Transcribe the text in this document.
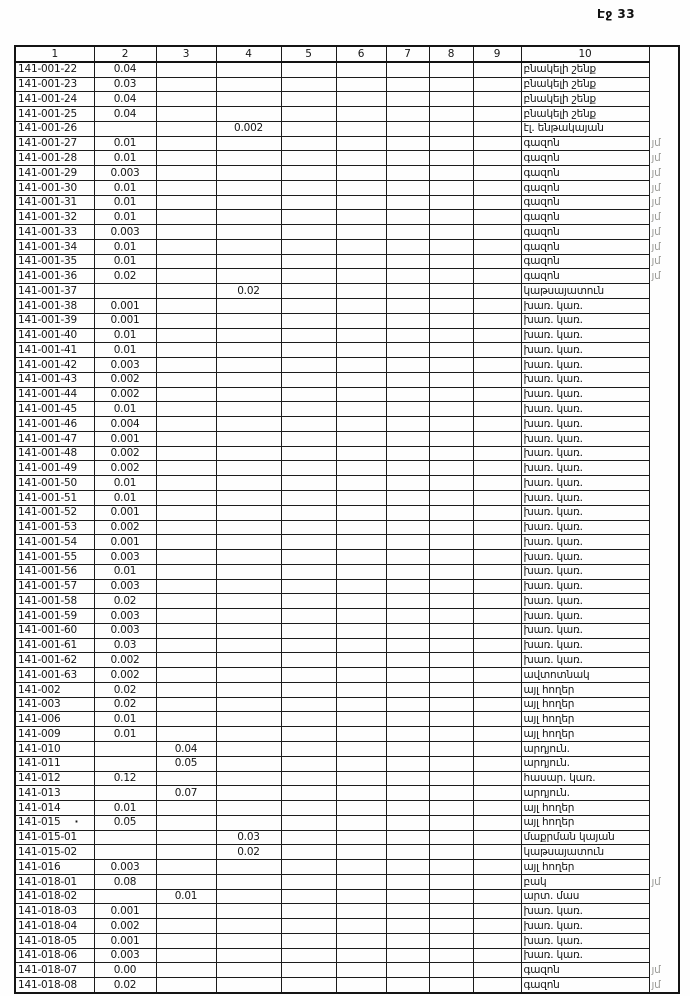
Էջ 33
1	2	3	4	5	6	7	8	9	10	
141-001-22	0.04								բնակելի շենք	
141-001-23	0.03								բնակելի շենք	
141-001-24	0.04								բնակելի շենք	
141-001-25	0.04								բնակելի շենք	
141-001-26			0.002						էլ. ենթակայան	
141-001-27	0.01								գազոն	յմ
141-001-28	0.01								գազոն	յմ
141-001-29	0.003								գազոն	յմ
141-001-30	0.01								գազոն	յմ
141-001-31	0.01								գազոն	յմ
141-001-32	0.01								գազոն	յմ
141-001-33	0.003								գազոն	յմ
141-001-34	0.01								գազոն	յմ
141-001-35	0.01								գազոն	յմ
141-001-36	0.02								գազոն	յմ
141-001-37			0.02						կաթսայատուն	
141-001-38	0.001								խառ. կառ.	
141-001-39	0.001								խառ. կառ.	
141-001-40	0.01								խառ. կառ.	
141-001-41	0.01								խառ. կառ.	
141-001-42	0.003								խառ. կառ.	
141-001-43	0.002								խառ. կառ.	
141-001-44	0.002								խառ. կառ.	
141-001-45	0.01								խառ. կառ.	
141-001-46	0.004								խառ. կառ.	
141-001-47	0.001								խառ. կառ.	
141-001-48	0.002								խառ. կառ.	
141-001-49	0.002								խառ. կառ.	
141-001-50	0.01								խառ. կառ.	
141-001-51	0.01								խառ. կառ.	
141-001-52	0.001								խառ. կառ.	
141-001-53	0.002								խառ. կառ.	
141-001-54	0.001								խառ. կառ.	
141-001-55	0.003								խառ. կառ.	
141-001-56	0.01								խառ. կառ.	
141-001-57	0.003								խառ. կառ.	
141-001-58	0.02								խառ. կառ.	
141-001-59	0.003								խառ. կառ.	
141-001-60	0.003								խառ. կառ.	
141-001-61	0.03								խառ. կառ.	
141-001-62	0.002								խառ. կառ.	
141-001-63	0.002								ավտոտնակ	
141-002	0.02								այլ հողեր	
141-003	0.02								այլ հողեր	
141-006	0.01								այլ հողեր	
141-009	0.01								այլ հողեր	
141-010		0.04							արդյուն.	
141-011		0.05							արդյուն.	
141-012	0.12								հասար. կառ.	
141-013		0.07							արդյուն.	
141-014	0.01								այլ հողեր	
141-015 ·	0.05								այլ հողեր	
141-015-01			0.03						մաքրման կայան	
141-015-02			0.02						կաթսայատուն	
141-016	0.003								այլ հողեր	
141-018-01	0.08								բակ	յմ
141-018-02		0.01							արտ. մաս	
141-018-03	0.001								խառ. կառ.	
141-018-04	0.002								խառ. կառ.	
141-018-05	0.001								խառ. կառ.	
141-018-06	0.003								խառ. կառ.	
141-018-07	0.00								գազոն	յմ
141-018-08	0.02								գազոն	յմ
